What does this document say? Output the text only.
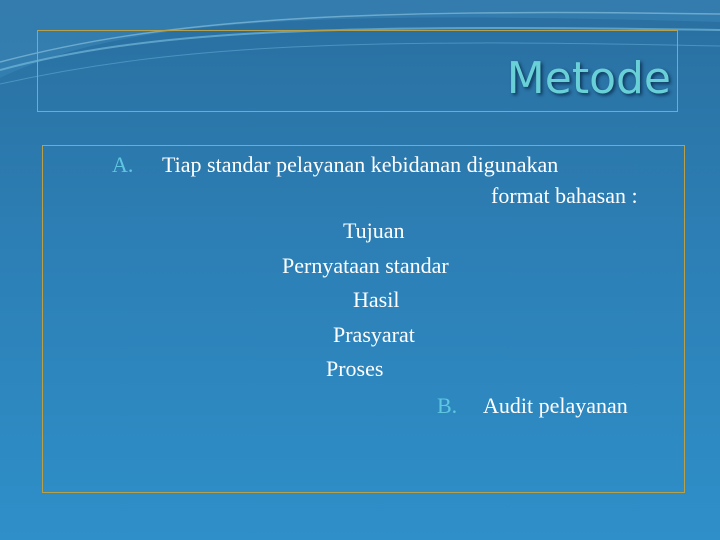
Metode
A. Tiap standar pelayanan kebidanan digunakan
format bahasan :
Tujuan
Pernyataan standar
Hasil
Prasyarat
Proses
B. Audit pelayanan
